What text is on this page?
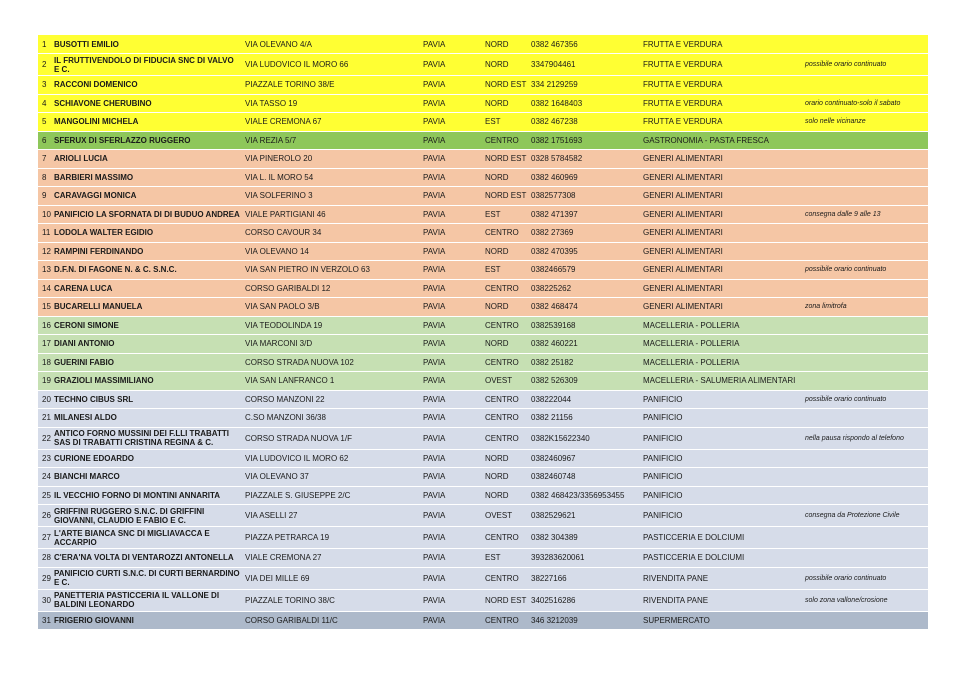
1	BUSOTTI EMILIO	VIA OLEVANO 4/A	PAVIA	NORD	0382 467356	FRUTTA E VERDURA	
2	IL FRUTTIVENDOLO DI FIDUCIA SNC DI VALVO E C.	VIA LUDOVICO IL MORO 66	PAVIA	NORD	3347904461	FRUTTA E VERDURA	possibile orario continuato
3	RACCONI DOMENICO	PIAZZALE TORINO 38/E	PAVIA	NORD EST	334 2129259	FRUTTA E VERDURA	
4	SCHIAVONE CHERUBINO	VIA TASSO 19	PAVIA	NORD	0382 1648403	FRUTTA E VERDURA	orario continuato-solo il sabato
5	MANGOLINI MICHELA	VIALE CREMONA 67	PAVIA	EST	0382 467238	FRUTTA E VERDURA	solo nelle vicinanze
6	SFERUX DI SFERLAZZO RUGGERO	VIA REZIA 5/7	PAVIA	CENTRO	0382 1751693	GASTRONOMIA - PASTA FRESCA	
7	ARIOLI LUCIA	VIA PINEROLO 20	PAVIA	NORD EST	0328 5784582	GENERI ALIMENTARI	
8	BARBIERI MASSIMO	VIA L. IL MORO 54	PAVIA	NORD	0382 460969	GENERI ALIMENTARI	
9	CARAVAGGI MONICA	VIA SOLFERINO 3	PAVIA	NORD EST	0382577308	GENERI ALIMENTARI	
10	PANIFICIO LA SFORNATA DI DI BUDUO ANDREA	VIALE PARTIGIANI 46	PAVIA	EST	0382 471397	GENERI ALIMENTARI	consegna dalle 9 alle 13
11	LODOLA WALTER EGIDIO	CORSO CAVOUR 34	PAVIA	CENTRO	0382 27369	GENERI ALIMENTARI	
12	RAMPINI FERDINANDO	VIA OLEVANO 14	PAVIA	NORD	0382 470395	GENERI ALIMENTARI	
13	D.F.N. DI FAGONE N. & C. S.N.C.	VIA SAN PIETRO IN VERZOLO 63	PAVIA	EST	0382466579	GENERI ALIMENTARI	possibile orario continuato
14	CARENA LUCA	CORSO GARIBALDI 12	PAVIA	CENTRO	038225262	GENERI ALIMENTARI	
15	BUCARELLI MANUELA	VIA SAN PAOLO 3/B	PAVIA	NORD	0382 468474	GENERI ALIMENTARI	zona limitrofa
16	CERONI SIMONE	VIA TEODOLINDA 19	PAVIA	CENTRO	0382539168	MACELLERIA - POLLERIA	
17	DIANI ANTONIO	VIA MARCONI 3/D	PAVIA	NORD	0382 460221	MACELLERIA - POLLERIA	
18	GUERINI FABIO	CORSO STRADA NUOVA 102	PAVIA	CENTRO	0382 25182	MACELLERIA - POLLERIA	
19	GRAZIOLI MASSIMILIANO	VIA SAN LANFRANCO 1	PAVIA	OVEST	0382 526309	MACELLERIA - SALUMERIA ALIMENTARI	
20	TECHNO CIBUS SRL	CORSO MANZONI 22	PAVIA	CENTRO	038222044	PANIFICIO	possibile orario continuato
21	MILANESI ALDO	C.SO MANZONI 36/38	PAVIA	CENTRO	0382 21156	PANIFICIO	
22	ANTICO FORNO MUSSINI DEI F.LLI TRABATTI SAS DI TRABATTI CRISTINA REGINA & C.	CORSO STRADA NUOVA 1/F	PAVIA	CENTRO	0382K15622340	PANIFICIO	nella pausa rispondo al telefono
23	CURIONE EDOARDO	VIA LUDOVICO IL MORO 62	PAVIA	NORD	0382460967	PANIFICIO	
24	BIANCHI MARCO	VIA OLEVANO 37	PAVIA	NORD	0382460748	PANIFICIO	
25	IL VECCHIO FORNO DI MONTINI ANNARITA	PIAZZALE S. GIUSEPPE 2/C	PAVIA	NORD	0382 468423/3356953455	PANIFICIO	
26	GRIFFINI RUGGERO S.N.C. DI GRIFFINI GIOVANNI, CLAUDIO E FABIO E C.	VIA ASELLI 27	PAVIA	OVEST	0382529621	PANIFICIO	consegna da Protezione Civile
27	L'ARTE BIANCA SNC DI MIGLIAVACCA E ACCARPIO	PIAZZA PETRARCA 19	PAVIA	CENTRO	0382 304389	PASTICCERIA E DOLCIUMI	
28	C'ERA'NA VOLTA DI VENTAROZZI ANTONELLA	VIALE CREMONA 27	PAVIA	EST	393283620061	PASTICCERIA E DOLCIUMI	
29	PANIFICIO CURTI S.N.C. DI CURTI BERNARDINO E C.	VIA DEI MILLE 69	PAVIA	CENTRO	38227166	RIVENDITA PANE	possibile orario continuato
30	PANETTERIA PASTICCERIA IL VALLONE DI BALDINI LEONARDO	PIAZZALE TORINO 38/C	PAVIA	NORD EST	3402516286	RIVENDITA PANE	solo zona vallone/crosione
31	FRIGERIO GIOVANNI	CORSO GARIBALDI 11/C	PAVIA	CENTRO	346 3212039	SUPERMERCATO	
